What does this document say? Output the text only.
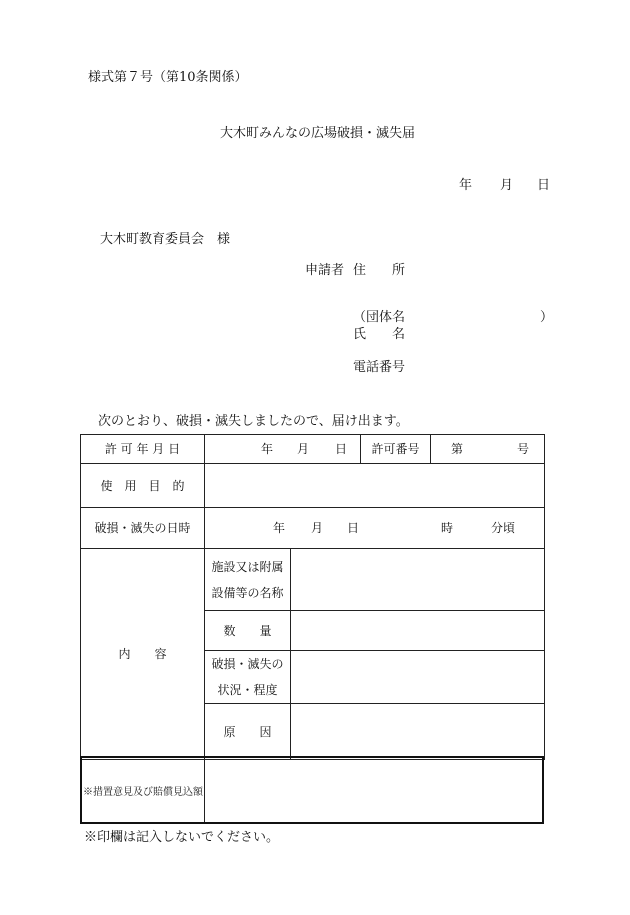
様式第７号（第10条関係）
大木町みんなの広場破損・滅失届
年 月 日
大木町教育委員会　様
申請者 住　　所
（団体名	）
氏　　名
電話番号
次のとおり、破損・滅失しましたので、届け出ます。
許 可 年 月 日	年 月 日		許可番号	第 号

使　用　目　的				
破損・滅失の日時	年 月 日 時 分頃			

内　　容	施設又は附属
設備等の名称			

	数　　量			

	破損・滅失の
状況・程度			

	原　　因			
※措置意見及び賠償見込額
※印欄は記入しないでください。
